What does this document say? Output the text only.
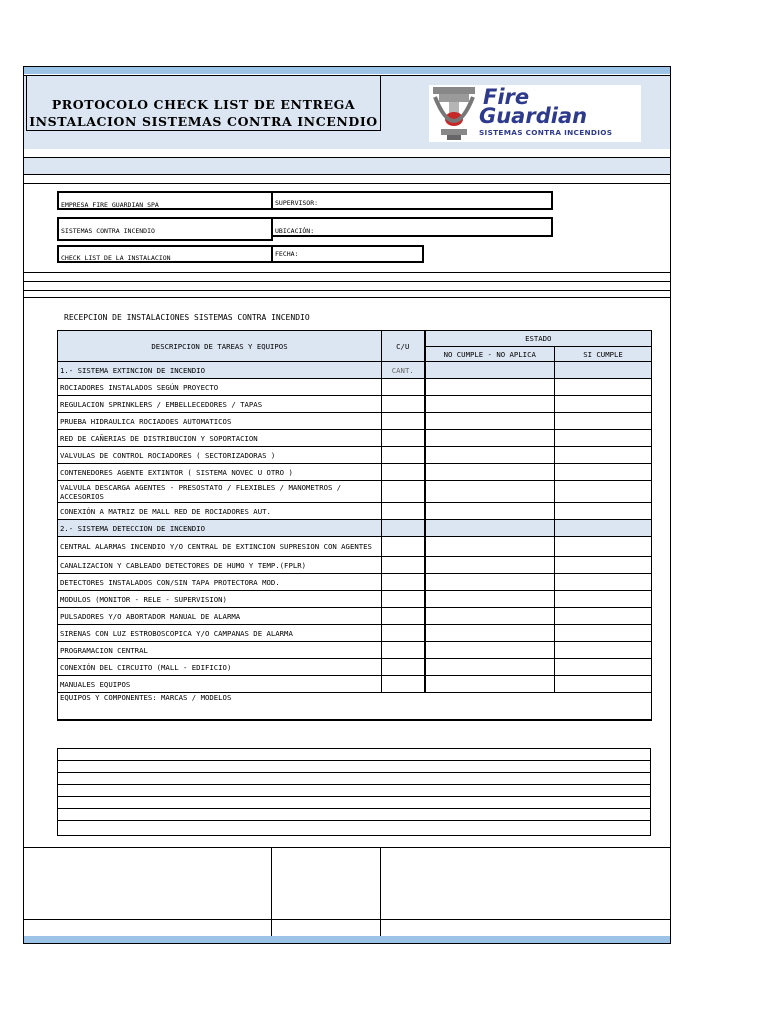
PROTOCOLO CHECK LIST DE ENTREGA
INSTALACION SISTEMAS CONTRA INCENDIO
Fire
Guardian
SISTEMAS CONTRA INCENDIOS
EMPRESA FIRE GUARDIAN SPA	SUPERVISOR:
SISTEMAS CONTRA INCENDIO	UBICACIÓN:
CHECK LIST DE LA INSTALACION	FECHA:
RECEPCION DE INSTALACIONES SISTEMAS CONTRA INCENDIO
DESCRIPCION DE TAREAS Y EQUIPOS	C/U	ESTADO	
		NO CUMPLE - NO APLICA	SI CUMPLE
1.- SISTEMA EXTINCION DE INCENDIO	CANT.		
ROCIADORES INSTALADOS SEGÚN PROYECTO			
REGULACION SPRINKLERS / EMBELLECEDORES / TAPAS			
PRUEBA HIDRAULICA ROCIADOES AUTOMATICOS			
RED DE CAÑERIAS DE DISTRIBUCION Y SOPORTACION			
VALVULAS DE CONTROL ROCIADORES ( SECTORIZADORAS )			
CONTENEDORES AGENTE EXTINTOR ( SISTEMA NOVEC U OTRO )			
VALVULA DESCARGA AGENTES - PRESOSTATO / FLEXIBLES / MANOMETROS / ACCESORIOS			
CONEXIÓN A MATRIZ DE MALL RED DE ROCIADORES AUT.			
2.- SISTEMA DETECCION DE INCENDIO			
CENTRAL ALARMAS INCENDIO Y/O CENTRAL DE EXTINCION SUPRESION CON AGENTES			
CANALIZACION Y CABLEADO DETECTORES DE HUMO Y TEMP.(FPLR)			
DETECTORES INSTALADOS CON/SIN TAPA PROTECTORA MOD.			
MODULOS (MONITOR - RELE - SUPERVISION)			
PULSADORES Y/O ABORTADOR MANUAL DE ALARMA			
SIRENAS CON LUZ ESTROBOSCOPICA Y/O CAMPANAS DE ALARMA			
PROGRAMACION CENTRAL			
CONEXIÓN DEL CIRCUITO (MALL - EDIFICIO)			
MANUALES EQUIPOS			
EQUIPOS Y COMPONENTES: MARCAS / MODELOS			
